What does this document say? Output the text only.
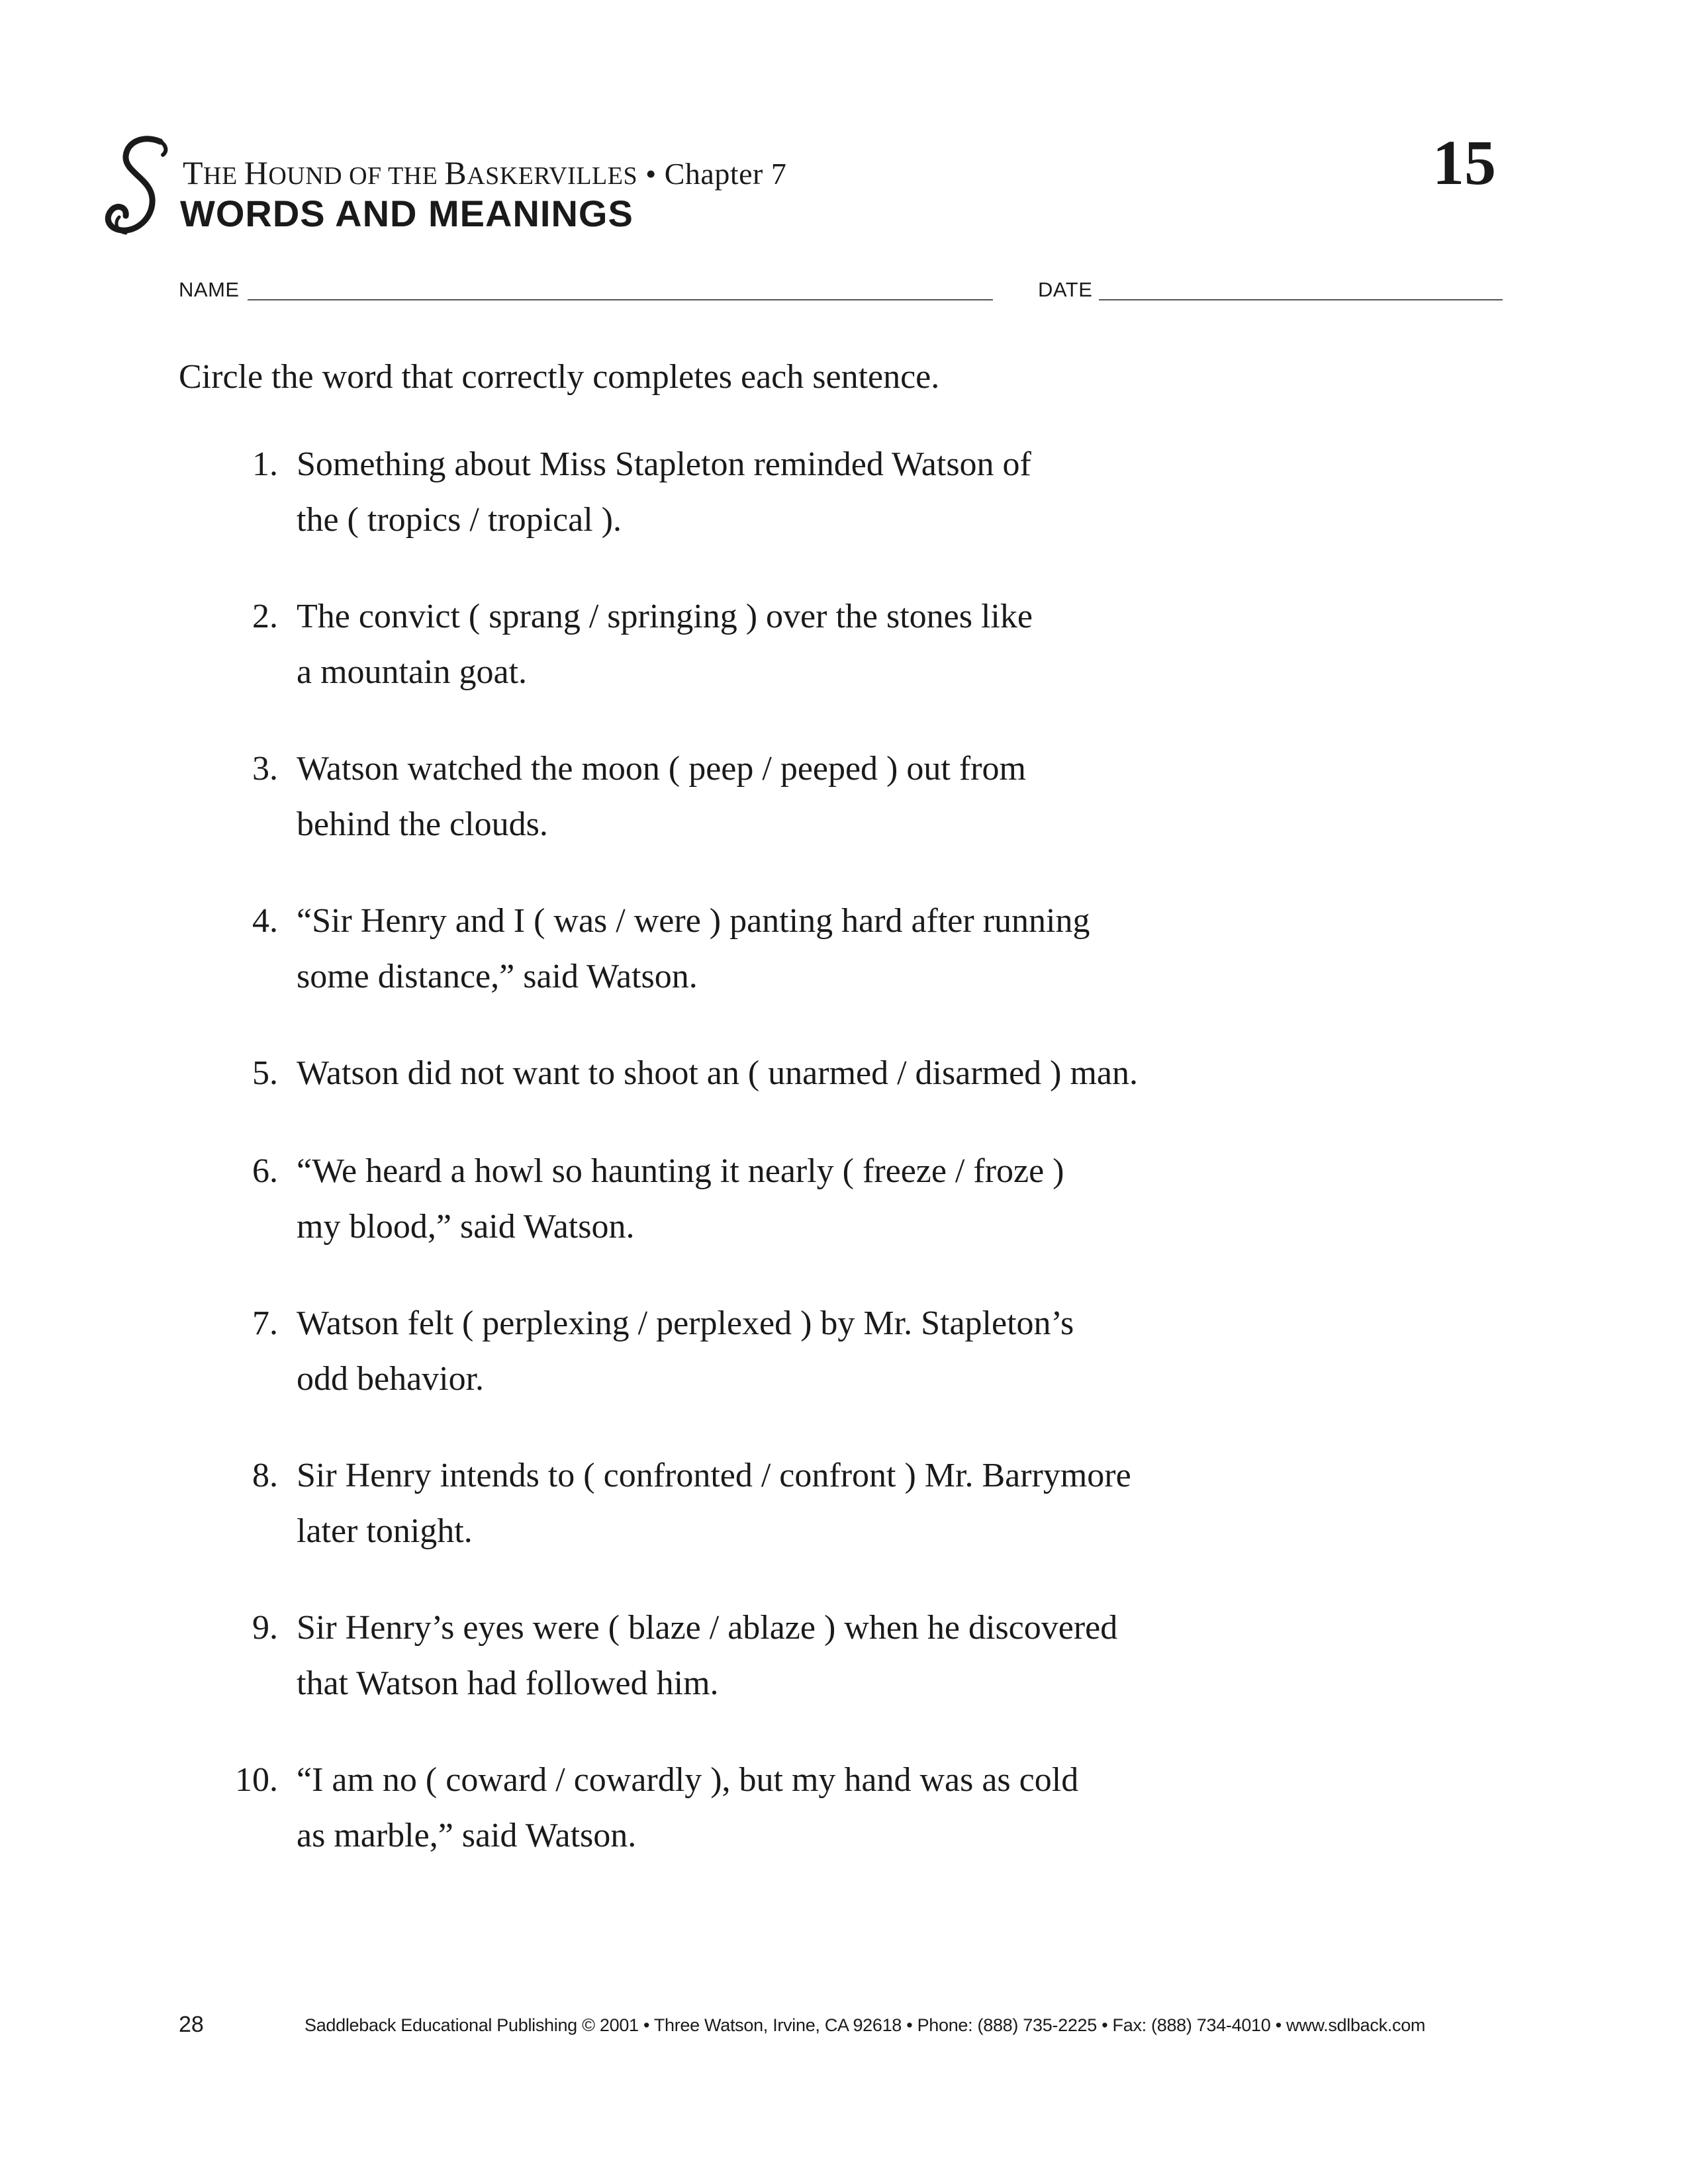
THE HOUND OF THE BASKERVILLES • Chapter 7
WORDS AND MEANINGS
15
NAME	DATE
Circle the word that correctly completes each sentence.
1. Something about Miss Stapleton reminded Watson of
the ( tropics / tropical ).
2. The convict ( sprang / springing ) over the stones like
a mountain goat.
3. Watson watched the moon ( peep / peeped ) out from
behind the clouds.
4. “Sir Henry and I ( was / were ) panting hard after running
some distance,” said Watson.
5. Watson did not want to shoot an ( unarmed / disarmed ) man.
6. “We heard a howl so haunting it nearly ( freeze / froze )
my blood,” said Watson.
7. Watson felt ( perplexing / perplexed ) by Mr. Stapleton’s
odd behavior.
8. Sir Henry intends to ( confronted / confront ) Mr. Barrymore
later tonight.
9. Sir Henry’s eyes were ( blaze / ablaze ) when he discovered
that Watson had followed him.
10. “I am no ( coward / cowardly ), but my hand was as cold
as marble,” said Watson.
28	Saddleback Educational Publishing © 2001 • Three Watson, Irvine, CA 92618 • Phone: (888) 735-2225 • Fax: (888) 734-4010 • www.sdlback.com
